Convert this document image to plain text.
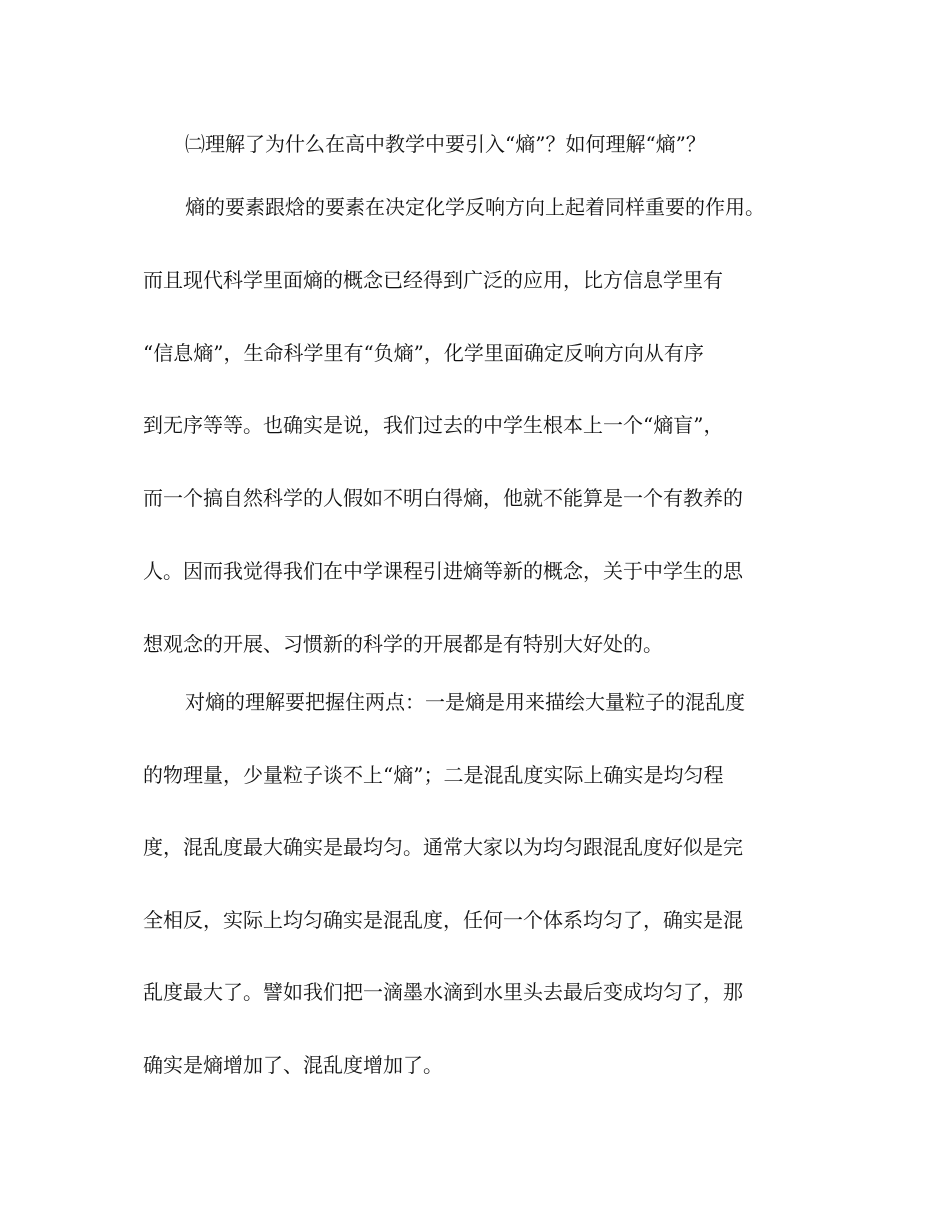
㈡理解了为什么在高中教学中要引入“熵”？如何理解“熵”？
熵的要素跟焓的要素在决定化学反响方向上起着同样重要的作用。
而且现代科学里面熵的概念已经得到广泛的应用，比方信息学里有
“信息熵”，生命科学里有“负熵”，化学里面确定反响方向从有序
到无序等等。也确实是说，我们过去的中学生根本上一个“熵盲”，
而一个搞自然科学的人假如不明白得熵，他就不能算是一个有教养的
人。因而我觉得我们在中学课程引进熵等新的概念，关于中学生的思
想观念的开展、习惯新的科学的开展都是有特别大好处的。
对熵的理解要把握住两点：一是熵是用来描绘大量粒子的混乱度
的物理量，少量粒子谈不上“熵”；二是混乱度实际上确实是均匀程
度，混乱度最大确实是最均匀。通常大家以为均匀跟混乱度好似是完
全相反，实际上均匀确实是混乱度，任何一个体系均匀了，确实是混
乱度最大了。譬如我们把一滴墨水滴到水里头去最后变成均匀了，那
确实是熵增加了、混乱度增加了。
